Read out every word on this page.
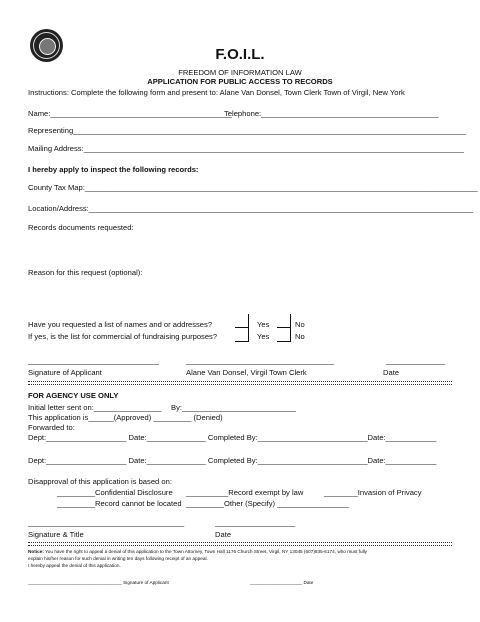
F.O.I.L.
FREEDOM OF INFORMATION LAW
APPLICATION FOR PUBLIC ACCESS TO RECORDS
Instructions: Complete the following form and present to: Alane Van Donsel, Town Clerk Town of Virgil, New York
Name:___________________________________________
Telephone:__________________________________________
Representing_____________________________________________________________________________________________
Mailing Address:__________________________________________________________________________________________
I hereby apply to inspect the following records:
County Tax Map:_____________________________________________________________________________________________
Location/Address:___________________________________________________________________________________________
Records documents requested:
Reason for this request (optional):
Have you requested a list of names and or addresses?
If yes, is the list for commercial of fundraising purposes?
Yes	No
Yes	No
_______________________________	___________________________________	______________
Signature of Applicant	Alane Van Donsel, Virgil Town Clerk	Date
FOR AGENCY USE ONLY
Initial letter sent on:________________ By:___________________________
This application is______(Approved) _________ (Denied)
Forwarded to:
Dept:___________________ Date:______________ Completed By:__________________________Date:____________
Dept:___________________ Date:______________ Completed By:__________________________Date:____________
Disapproval of this application is based on:
_________Confidential Disclosure __________Record exempt by law	________Invasion of Privacy
_________Record cannot be located _________Other (Specify) _________________
_____________________________________	___________________
Signature & Title	Date
Notice: You have the right to appeal a denial of this application to the Town Attorney, Town Hall 1176 Church Street, Virgil, NY 13045 (607)835-6174, who must fully
explain his/her reason for such denial in writing ten days following receipt of an appeal.
I hereby appeal the denial of this application.
____________________________________ Signature of Applicant	____________________ Date
